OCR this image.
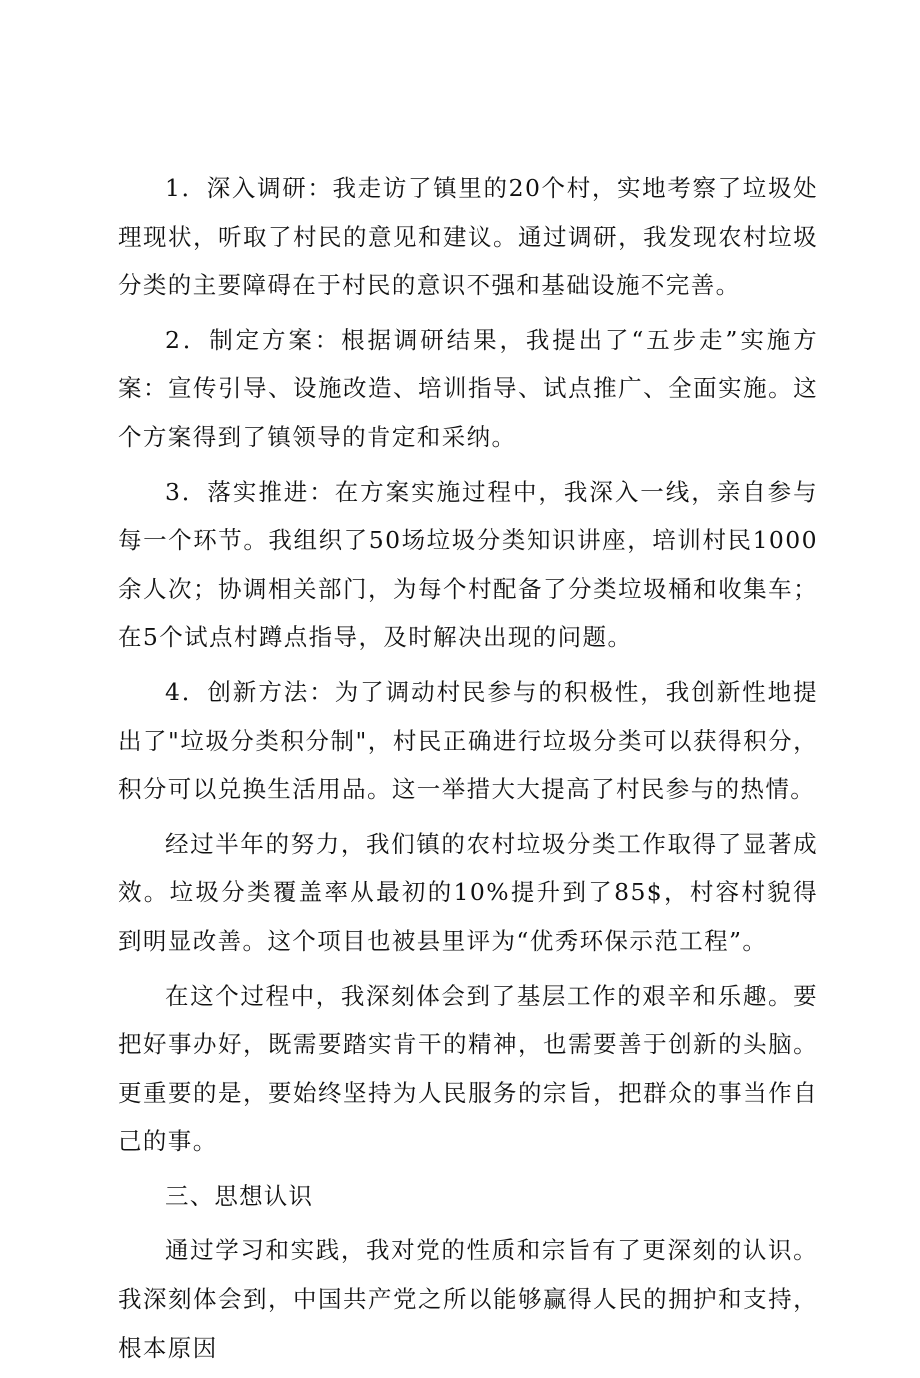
1．深入调研：我走访了镇里的20个村，实地考察了垃圾处理现状，听取了村民的意见和建议。通过调研，我发现农村垃圾分类的主要障碍在于村民的意识不强和基础设施不完善。

2．制定方案：根据调研结果，我提出了“五步走”实施方案：宣传引导、设施改造、培训指导、试点推广、全面实施。这个方案得到了镇领导的肯定和采纳。

3．落实推进：在方案实施过程中，我深入一线，亲自参与每一个环节。我组织了50场垃圾分类知识讲座，培训村民1000余人次；协调相关部门，为每个村配备了分类垃圾桶和收集车；在5个试点村蹲点指导，及时解决出现的问题。

4．创新方法：为了调动村民参与的积极性，我创新性地提出了"垃圾分类积分制"，村民正确进行垃圾分类可以获得积分，积分可以兑换生活用品。这一举措大大提高了村民参与的热情。

经过半年的努力，我们镇的农村垃圾分类工作取得了显著成效。垃圾分类覆盖率从最初的10%提升到了85$，村容村貌得到明显改善。这个项目也被县里评为“优秀环保示范工程”。

在这个过程中，我深刻体会到了基层工作的艰辛和乐趣。要把好事办好，既需要踏实肯干的精神，也需要善于创新的头脑。更重要的是，要始终坚持为人民服务的宗旨，把群众的事当作自己的事。

三、思想认识

通过学习和实践，我对党的性质和宗旨有了更深刻的认识。我深刻体会到，中国共产党之所以能够赢得人民的拥护和支持，根本原因
